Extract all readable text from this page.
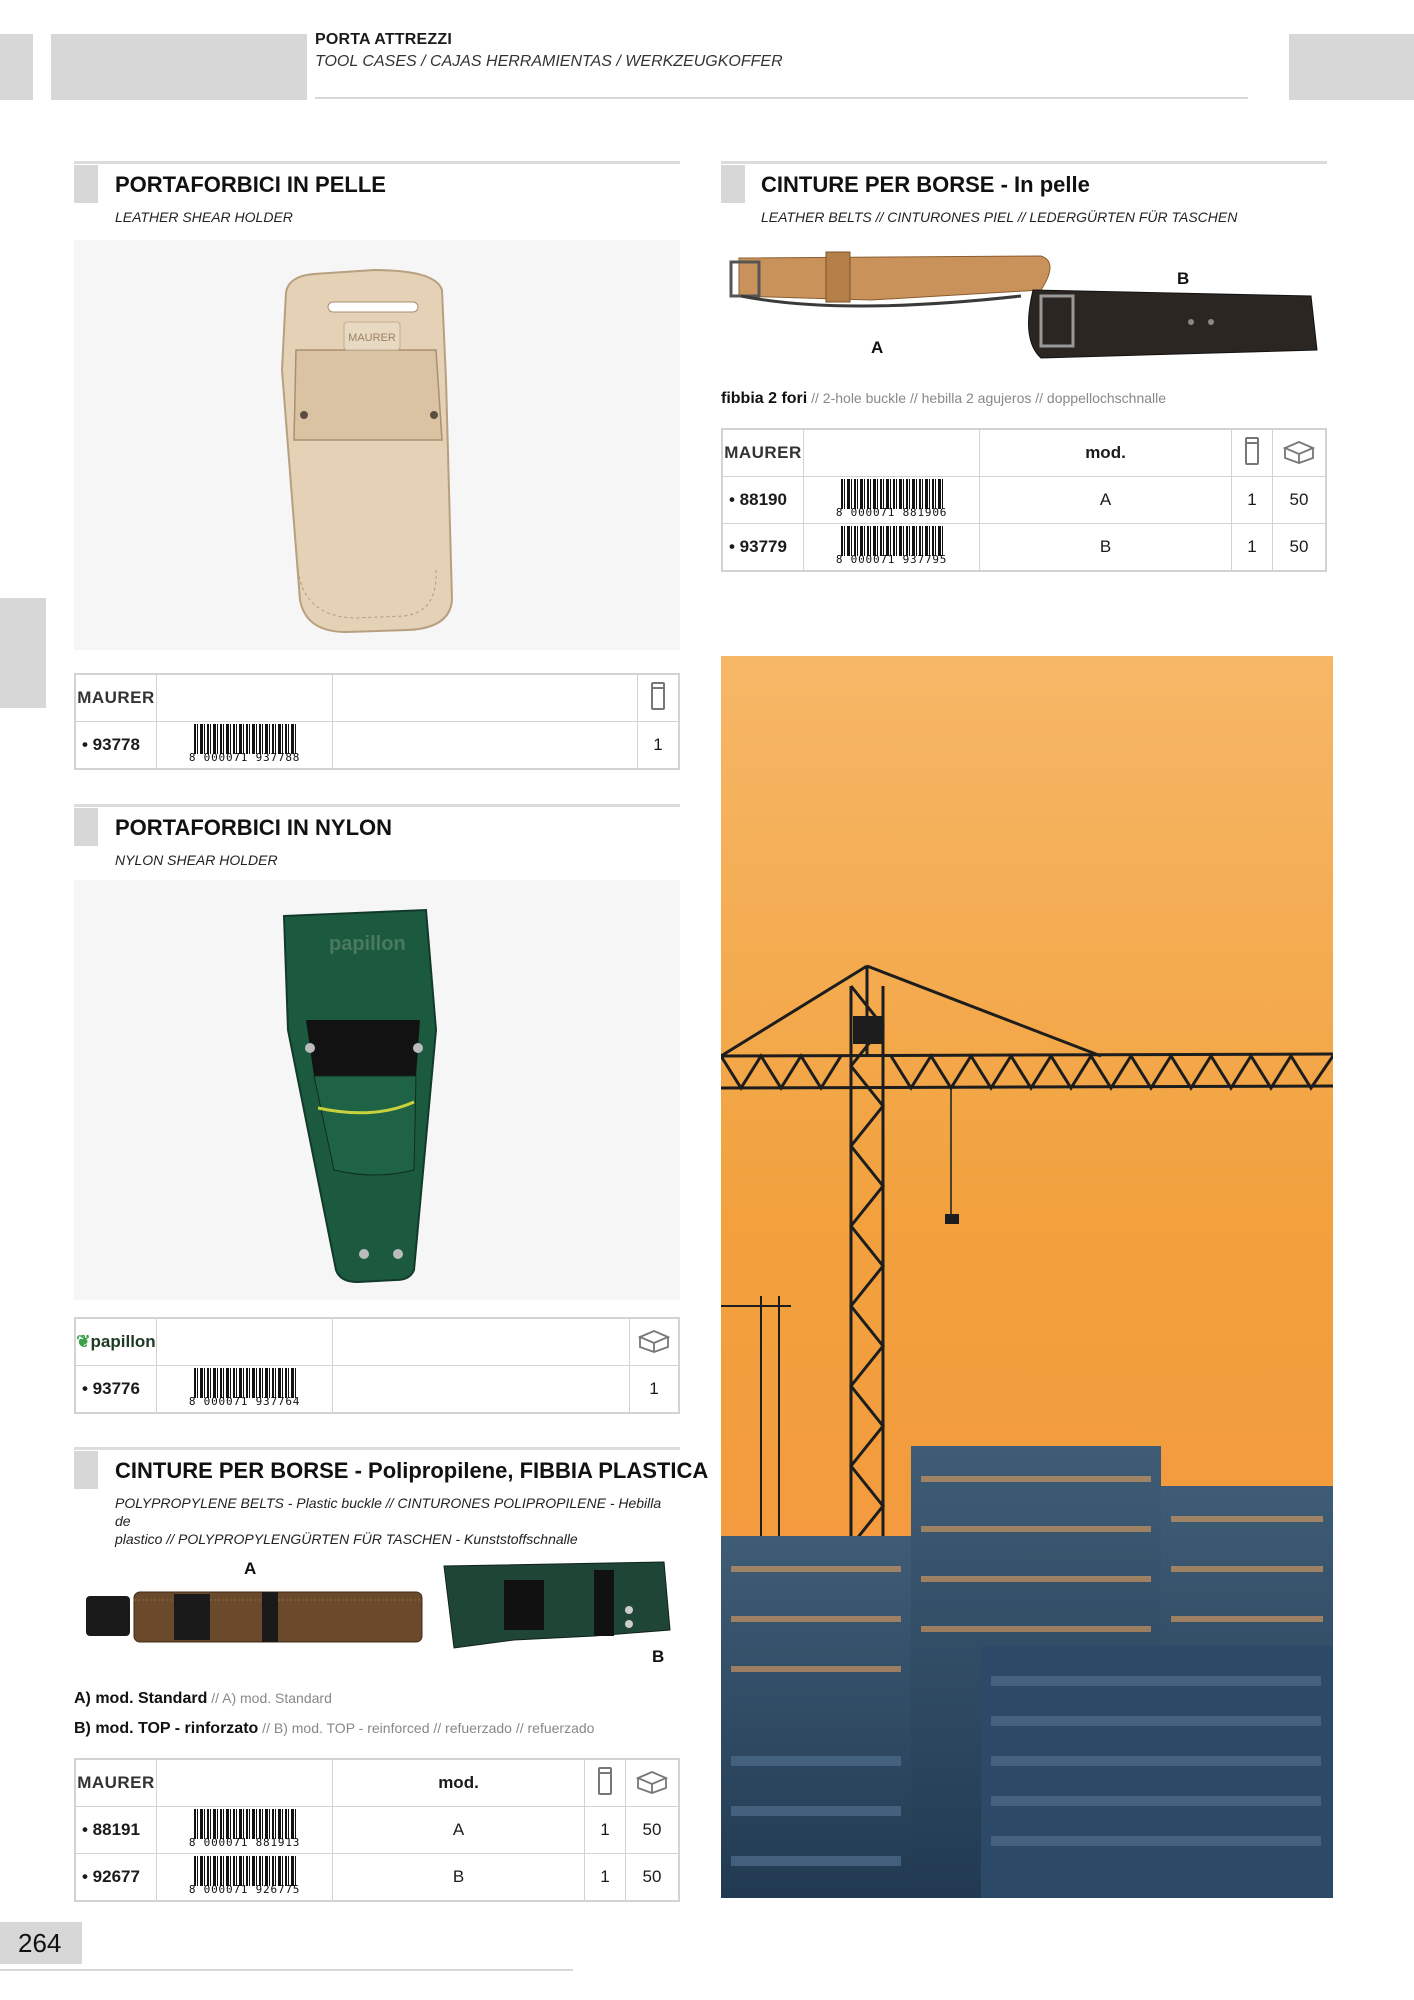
PORTA ATTREZZI
TOOL CASES / CAJAS HERRAMIENTAS / WERKZEUGKOFFER
PORTAFORBICI IN PELLE
LEATHER SHEAR HOLDER
MAURER
MAURER			
• 93778	8 000071 937788		1
PORTAFORBICI IN NYLON
NYLON SHEAR HOLDER
papillon
❦papillon			
• 93776	8 000071 937764		1
CINTURE PER BORSE - Polipropilene, FIBBIA PLASTICA
POLYPROPYLENE BELTS - Plastic buckle // CINTURONES POLIPROPILENE - Hebilla de
plastico // POLYPROPYLENGÜRTEN FÜR TASCHEN - Kunststoffschnalle
A
B
A) mod. Standard // A) mod. Standard
B) mod. TOP - rinforzato // B) mod. TOP - reinforced // refuerzado // refuerzado
MAURER		mod.		
• 88191	8 000071 881913	A	1	50
• 92677	8 000071 926775	B	1	50
CINTURE PER BORSE - In pelle
LEATHER BELTS // CINTURONES PIEL // LEDERGÜRTEN FÜR TASCHEN
A
B
fibbia 2 fori // 2-hole buckle // hebilla 2 agujeros // doppellochschnalle
MAURER		mod.		
• 88190	8 000071 881906	A	1	50
• 93779	8 000071 937795	B	1	50
264
